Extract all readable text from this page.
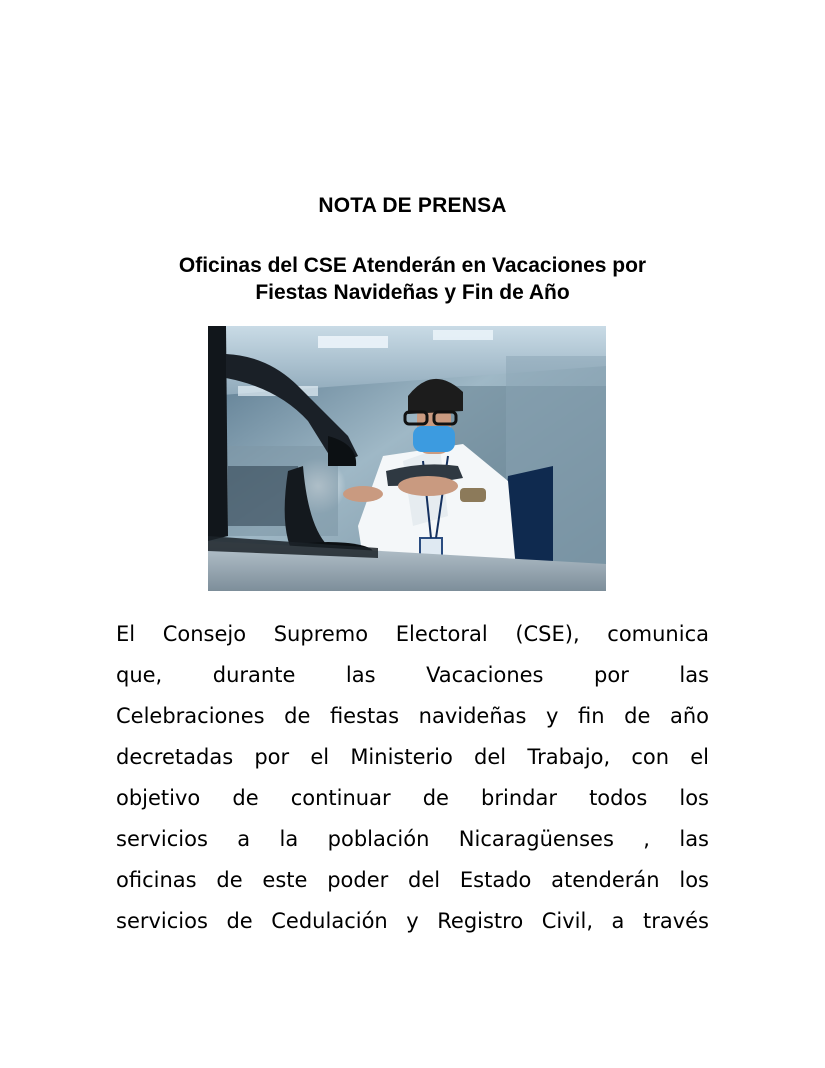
NOTA DE PRENSA
Oficinas del CSE Atenderán en Vacaciones por
Fiestas Navideñas y Fin de Año
El Consejo Supremo Electoral (CSE), comunica
que, durante las Vacaciones por las
Celebraciones de fiestas navideñas y fin de año
decretadas por el Ministerio del Trabajo, con el
objetivo de continuar de brindar todos los
servicios a la población Nicaragüenses , las
oficinas de este poder del Estado atenderán los
servicios de Cedulación y Registro Civil, a través
